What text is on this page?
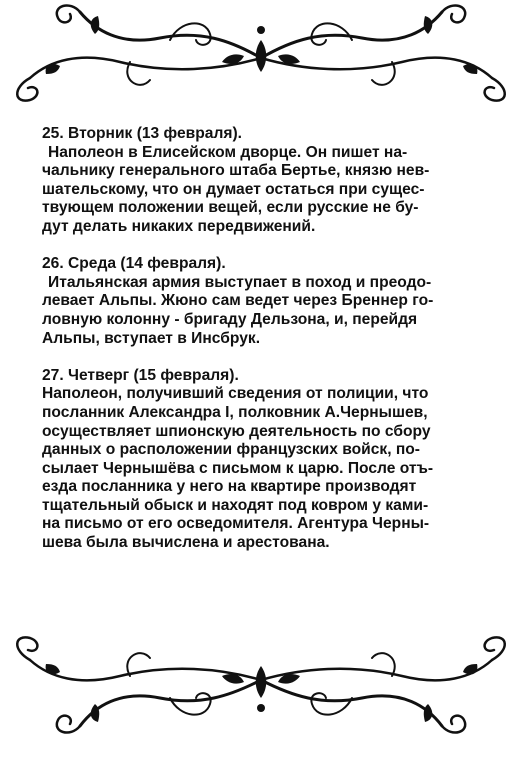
25. Вторник (13 февраля).
Наполеон в Елисейском дворце. Он пишет на-
чальнику генерального штаба Бертье, князю нев-
шательскому, что он думает остаться при сущес-
твующем положении вещей, если русские не бу-
дут делать никаких передвижений.
26. Среда (14 февраля).
Итальянская армия выступает в поход и преодо-
левает Альпы. Жюно сам ведет через Бреннер го-
ловную колонну - бригаду Дельзона, и, перейдя
Альпы, вступает в Инсбрук.
27. Четверг (15 февраля).
Наполеон, получивший сведения от полиции, что
посланник Александра I, полковник А.Чернышев,
осуществляет шпионскую деятельность по сбору
данных о расположении французских войск, по-
сылает Чернышёва с письмом к царю. После отъ-
езда посланника у него на квартире производят
тщательный обыск и находят под ковром у ками-
на письмо от его осведомителя. Агентура Черны-
шева была вычислена и арестована.
